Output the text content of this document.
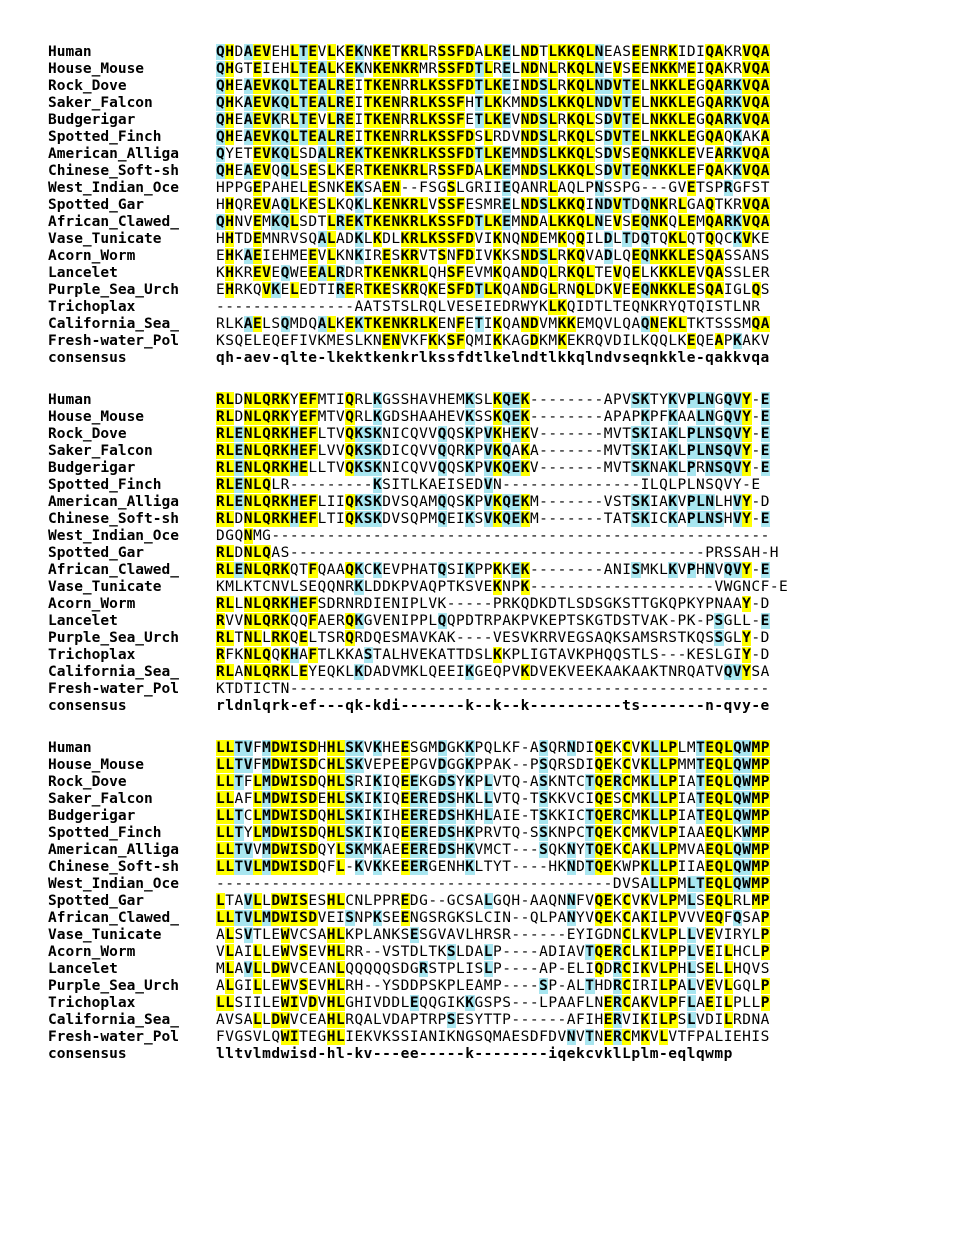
Human	QHDAEVEHLTEVLKEKNKETKRLRSSFDALKELNDTLKKQLNEASEENRKIDIQAKRVQA
House_Mouse	QHGTEIEHLTEALKEKNKENKRMRSSFDTLRELNDNLRKQLNEVSEENKKMEIQAKRVQA
Rock_Dove	QHEAEVKQLTEALREITKENRRLKSSFDTLKEINDSLRKQLNDVTELNKKLEGQARKVQA
Saker_Falcon	QHKAEVKQLTEALREITKENRRLKSSFHTLKKMNDSLKKQLNDVTELNKKLEGQARKVQA
Budgerigar	QHEAEVKRLTEVLREITKENRRLKSSFETLKEVNDSLRKQLSDVTELNKKLEGQARKVQA
Spotted_Finch	QHEAEVKQLTEALREITKENRRLKSSFDSLRDVNDSLRKQLSDVTELNKKLEGQAQKAKA
American_Alliga	QYETEVKQLSDALREKTKENKRLKSSFDTLKEMNDSLKKQLSDVSEQNKKLEVEARKVQA
Chinese_Soft-sh	QHEAEVQQLSESLKERTKENKRLRSSFDALKEMNDSLKKQLSDVTEQNKKLEFQAKKVQA
West_Indian_Oce	HPPGEPAHELESNKEKSAEN--FSGSLGRIIEQANRLAQLPNSSPG---GVETSPRGFST
Spotted_Gar	HHQREVAQLKESLKQKLKENKRLVSSFESMRELNDSLKKQINDVTDQNKRLGAQTKRVQA
African_Clawed_	QHNVEMKQLSDTLREKTKENKRLKSSFDTLKEMNDALKKQLNEVSEQNKQLEMQARKVQA
Vase_Tunicate	HHTDEMNRVSQALADKLKDLKRLKSSFDVIKNQNDEMKQQILDLTDQTQKLQTQQCKVKE
Acorn_Worm	EHKAEIEHMEEVLKNKIRESKRVTSNFDIVKKSNDSLRKQVADLQEQNKKLESQASSANS
Lancelet	KHKREVEQWEEALRDRTKENKRLQHSFEVMKQANDQLRKQLTEVQELKKKLEVQASSLER
Purple_Sea_Urch	EHRKQVKELEDTIRERTKESKRQKESFDTLKQANDGLRNQLDKVEEQNKKLESQAIGLQS
Trichoplax	---------------AATSTSLRQLVESEIEDRWYKLKQIDTLTEQNKRYQTQISTLNR
California_Sea_	RLKAELSQMDQALKEKTKENKRLKENFETIKQANDVMKKEMQVLQAQNEKLTKTSSSMQA
Fresh-water_Pol	KSQELEQEFIVKMESLKNENVKFKKSFQMIKKAGDKMKEKRQVDILKQQLKEQEAPKAKV
consensus	qh-aev-qlte-lkektkenkrlkssfdtlkelndtlkkqlndvseqnkkle-qakkvqa
Human	RLDNLQRKYEFMTIQRLKGSSHAVHEMKSLKQEK--------APVSKTYKVPLNGQVY-E
House_Mouse	RLDNLQRKYEFMTVQRLKGDSHAAHEVKSSKQEK--------APAPKPFKAALNGQVY-E
Rock_Dove	RLENLQRKHEFLTVQKSKNICQVVQQSKPVKHEKV-------MVTSKIAKLPLNSQVY-E
Saker_Falcon	RLENLQRKHEFLVVQKSKDICQVVQQRKPVKQAKA-------MVTSKIAKLPLNSQVY-E
Budgerigar	RLENLQRKHELLTVQKSKNICQVVQQSKPVKQEKV-------MVTSKNAKLPRNSQVY-E
Spotted_Finch	RLENLQLR---------KSITLKAEISEDVN---------------ILQLPLNSQVY-E
American_Alliga	RLENLQRKHEFLIIQKSKDVSQAMQQSKPVKQEKM-------VSTSKIAKVPLNLHVY-D
Chinese_Soft-sh	RLDNLQRKHEFLTIQKSKDVSQPMQEIKSVKQEKM-------TATSKICKAPLNSHVY-E
West_Indian_Oce	DGQNMG------------------------------------------------------
Spotted_Gar	RLDNLQAS---------------------------------------------PRSSAH-H
African_Clawed_	RLENLQRKQTFQAAQKCKEVPHATQSIKPPKKEK--------ANISMKLKVPHNVQVY-E
Vase_Tunicate	KMLKTCNVLSEQQNRKLDDKPVAQPTKSVEKNPK--------------------VWGNCF-E
Acorn_Worm	RLLNLQRKHEFSDRNRDIENIPLVK-----PRKQDKDTLSDSGKSTTGKQPKYPNAAY-D
Lancelet	RVVNLQRKQQFAERQKGVENIPPLQQPDTRPAKPVKEPTSKGTDSTVAK-PK-PSGLL-E
Purple_Sea_Urch	RLTNLLRKQELTSRQRDQESMAVKAK----VESVKRRVEGSAQKSAMSRSTKQSSGLY-D
Trichoplax	RFKNLQQKHAFTLKKASTALHVEKATTDSLKKPLIGTAVKPHQQSTLS---KESLGIY-D
California_Sea_	RLANLQRKLEYEQKLKDADVMKLQEEIKGEQPVKDVEKVEEKAAKAAKTNRQATVQVYSA
Fresh-water_Pol	KTDTICTN----------------------------------------------------
consensus	rldnlqrk-ef---qk-kdi-------k--k--k----------ts-------n-qvy-e
Human	LLTVFMDWISDHHLSKVKHEESGMDGKKPQLKF-ASQRNDIQEKCVKLLPLMTEQLQWMP
House_Mouse	LLTVFMDWISDCHLSKVEPEEPGVDGGKPPAK--PSQRSDIQEKCVKLLPMMTEQLQWMP
Rock_Dove	LLTFLMDWISDQHLSRIKIQEEKGDSYKPLVTQ-ASKNTCTQERCMKLLPIATEQLQWMP
Saker_Falcon	LLAFLMDWISDEHLSKIKIQEEREDSHKLLVTQ-TSKKVCIQESCMKLLPIATEQLQWMP
Budgerigar	LLTCLMDWISDQHLSKIKIHEEREDSHKHLAIE-TSKKICTQERCMKLLPIATEQLQWMP
Spotted_Finch	LLTYLMDWISDQHLSKIKIQEEREDSHKPRVTQ-SSKNPCTQEKCMKVLPIAAEQLKWMP
American_Alliga	LLTVVMDWISDQYLSKMKAEEEREDSHKVMCT---SQKNYTQEKCAKLLPMVAEQLQWMP
Chinese_Soft-sh	LLTVLMDWISDQFL-KVKKEEERGENHKLTYT----HKNDTQEKWPKLLPIIAEQLQWMP
West_Indian_Oce	-------------------------------------------DVSALLPMLTEQLQWMP
Spotted_Gar	LTAVLLDWISESHLCNLPPREDG--GCSALGQH-AAQNNFVQEKCVKVLPMLSEQLRLMP
African_Clawed_	LLTVLMDWISDVEISNPKSEENGSRGKSLCIN--QLPANYVQEKCAKILPVVVEQFQSAP
Vase_Tunicate	ALSVTLEWVCSAHLKPLANKSESGVAVLHRSR------EYIGDNCLKVLPLLVEVIRYLP
Acorn_Worm	VLAILLEWVSEVHLRR--VSTDLTKSLDALP----ADIAVTQERCLKILPPLVEILHCLP
Lancelet	MLAVLLDWVCEANLQQQQQSDGRSTPLISLP----AP-ELIQDRCIKVLPHLSELLHQVS
Purple_Sea_Urch	ALGILLEWVSEVHLRH--YSDDPSKPLEAMP----SP-ALTHDRCIRILPALVEVLGQLP
Trichoplax	LLSIILEWIVDVHLGHIVDDLEQQGIKKGSPS---LPAAFLNERCAKVLPFLAEILPLLP
California_Sea_	AVSALLDWVCEAHLRQALVDAPTRPSESYTTP------AFIHERVIKILPSLVDILRDNA
Fresh-water_Pol	FVGSVLQWITEGHLIEKVKSSIANIKNGSQMAESDFDVNVTNERCMKVLVTFPALIEHIS
consensus	lltvlmdwisd-hl-kv---ee-----k--------iqekcvklLplm-eqlqwmp
